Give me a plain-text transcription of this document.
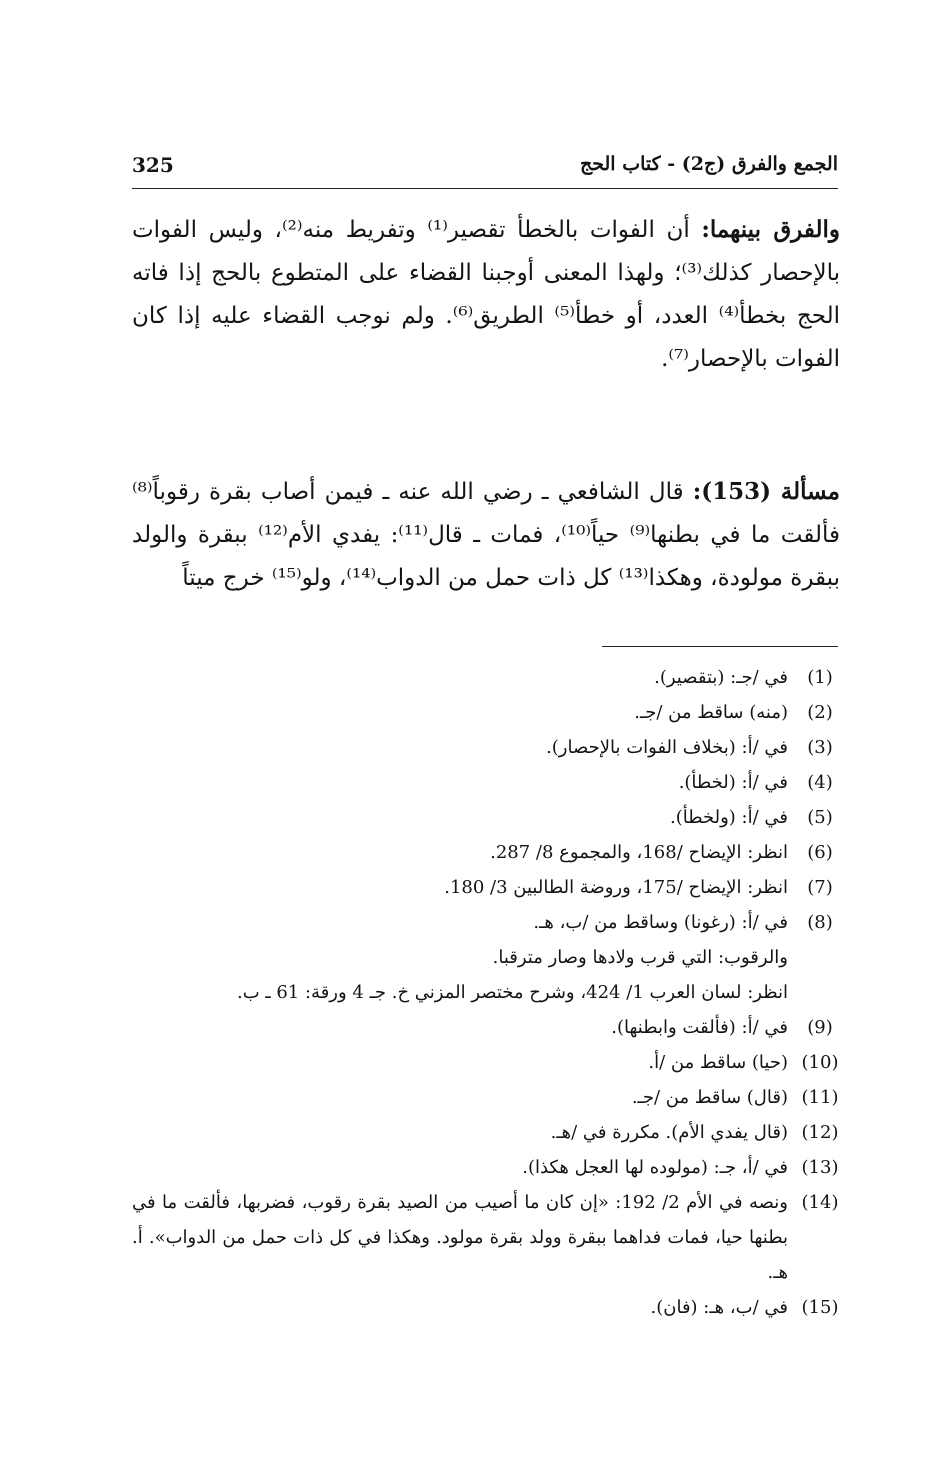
325	الجمع والفرق (ج2) - كتاب الحج
والفرق بينهما: أن الفوات بالخطأ تقصير⁽¹⁾ وتفريط منه⁽²⁾، وليس الفوات بالإحصار كذلك⁽³⁾؛ ولهذا المعنى أوجبنا القضاء على المتطوع بالحج إذا فاته الحج بخطأ⁽⁴⁾ العدد، أو خطأ⁽⁵⁾ الطريق⁽⁶⁾. ولم نوجب القضاء عليه إذا كان الفوات بالإحصار⁽⁷⁾.
مسألة (153): قال الشافعي ـ رضي الله عنه ـ فيمن أصاب بقرة رقوباً⁽⁸⁾ فألقت ما في بطنها⁽⁹⁾ حياً⁽¹⁰⁾، فمات ـ قال⁽¹¹⁾: يفدي الأم⁽¹²⁾ ببقرة والولد ببقرة مولودة، وهكذا⁽¹³⁾ كل ذات حمل من الدواب⁽¹⁴⁾، ولو⁽¹⁵⁾ خرج ميتاً
(1)
في /جـ: (بتقصير).
(2)
(منه) ساقط من /جـ.
(3)
في /أ: (بخلاف الفوات بالإحصار).
(4)
في /أ: (لخطأ).
(5)
في /أ: (ولخطأ).
(6)
انظر: الإيضاح /168، والمجموع 8/ 287.
(7)
انظر: الإيضاح /175، وروضة الطالبين 3/ 180.
(8)
في /أ: (رغونا) وساقط من /ب، هـ.
والرقوب: التي قرب ولادها وصار مترقبا.
انظر: لسان العرب 1/ 424، وشرح مختصر المزني خ. جـ 4 ورقة: 61 ـ ب.
(9)
في /أ: (فألقت وابطنها).
(10)
(حيا) ساقط من /أ.
(11)
(قال) ساقط من /جـ.
(12)
(قال يفدي الأم). مكررة في /هـ.
(13)
في /أ، جـ: (مولوده لها العجل هكذا).
(14)
ونصه في الأم 2/ 192: «إن كان ما أصيب من الصيد بقرة رقوب، فضربها، فألقت ما في بطنها حيا، فمات فداهما ببقرة وولد بقرة مولود. وهكذا في كل ذات حمل من الدواب». أ. هـ.
(15)
في /ب، هـ: (فان).
